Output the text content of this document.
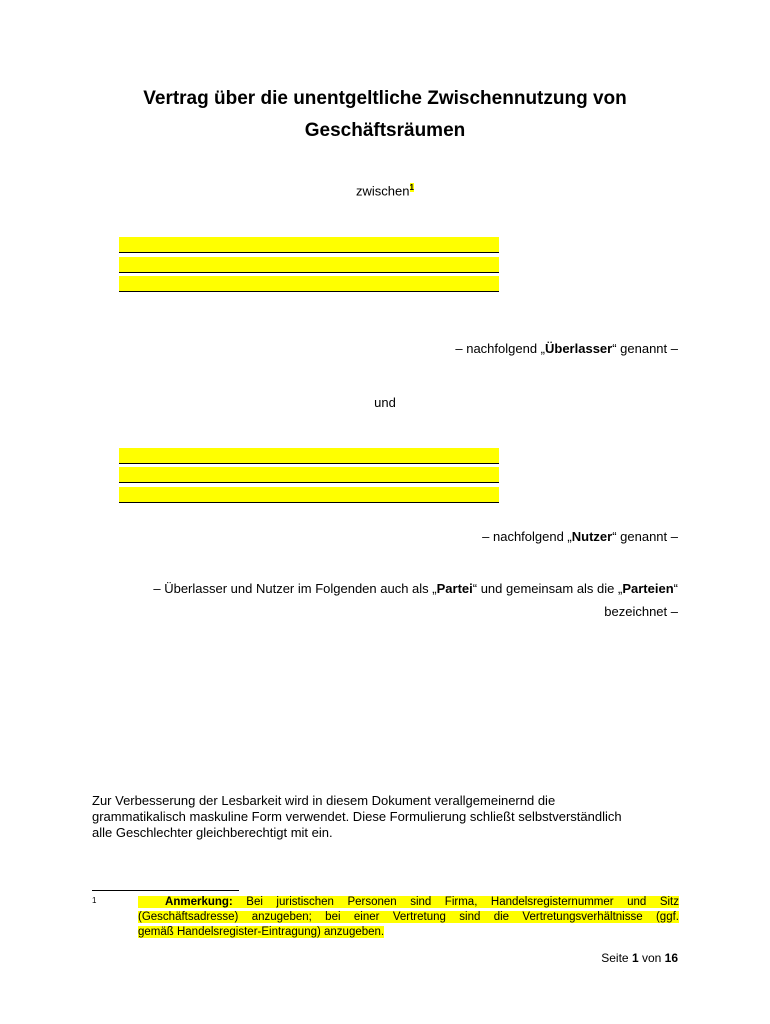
Vertrag über die unentgeltliche Zwischennutzung von
Geschäftsräumen
zwischen$^1$
– nachfolgend „Überlasser“ genannt –
und
– nachfolgend „Nutzer“ genannt –
– Überlasser und Nutzer im Folgenden auch als „Partei“ und gemeinsam als die „Parteien“
bezeichnet –
Zur Verbesserung der Lesbarkeit wird in diesem Dokument verallgemeinernd die
grammatikalisch maskuline Form verwendet. Diese Formulierung schließt selbstverständlich
alle Geschlechter gleichberechtigt mit ein.
1	Anmerkung: Bei juristischen Personen sind Firma, Handelsregisternummer und Sitz
(Geschäftsadresse) anzugeben; bei einer Vertretung sind die Vertretungsverhältnisse (ggf.
gemäß Handelsregister-Eintragung) anzugeben.
Seite 1 von 16
